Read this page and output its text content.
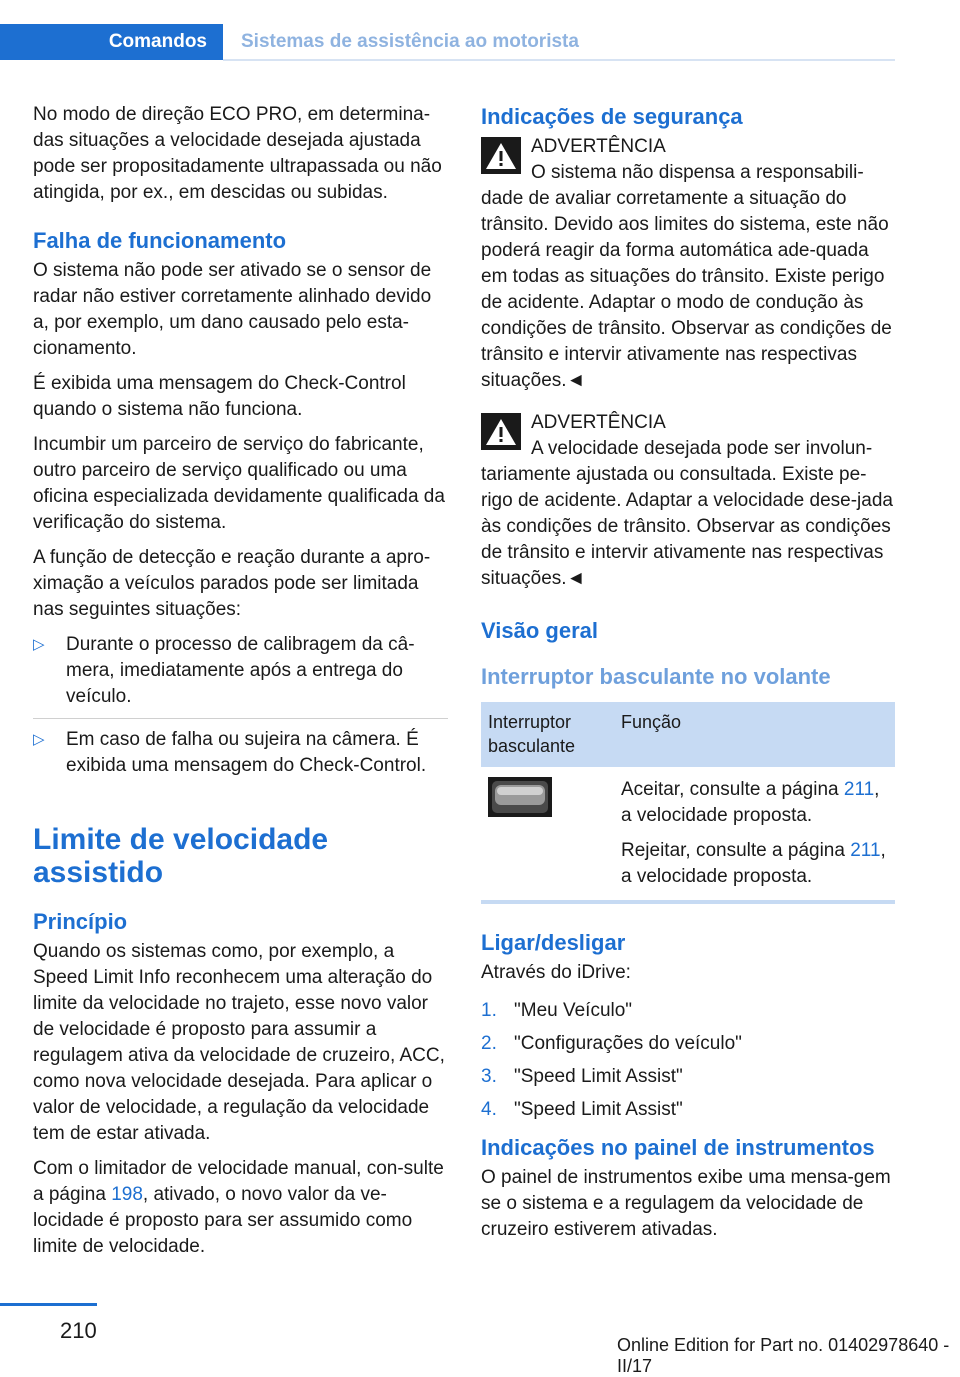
Comandos	Sistemas de assistência ao motorista

No modo de direção ECO PRO, em determina-das situações a velocidade desejada ajustada pode ser propositadamente ultrapassada ou não atingida, por ex., em descidas ou subidas.

Falha de funcionamento

O sistema não pode ser ativado se o sensor de radar não estiver corretamente alinhado devido a, por exemplo, um dano causado pelo esta-cionamento.

É exibida uma mensagem do Check-Control quando o sistema não funciona.

Incumbir um parceiro de serviço do fabricante, outro parceiro de serviço qualificado ou uma oficina especializada devidamente qualificada da verificação do sistema.

A função de detecção e reação durante a apro-ximação a veículos parados pode ser limitada nas seguintes situações:

▷ Durante o processo de calibragem da câ-mera, imediatamente após a entrega do veículo.
▷ Em caso de falha ou sujeira na câmera. É exibida uma mensagem do Check-Control.
Limite de velocidade assistido
Princípio

Quando os sistemas como, por exemplo, a Speed Limit Info reconhecem uma alteração do limite da velocidade no trajeto, esse novo valor de velocidade é proposto para assumir a regulagem ativa da velocidade de cruzeiro, ACC, como nova velocidade desejada. Para aplicar o valor de velocidade, a regulação da velocidade tem de estar ativada.

Com o limitador de velocidade manual, con-sulte a página 198, ativado, o novo valor da ve-locidade é proposto para ser assumido como limite de velocidade.

Indicações de segurança
ADVERTÊNCIA
O sistema não dispensa a responsabili-dade de avaliar corretamente a situação do trânsito. Devido aos limites do sistema, este não poderá reagir da forma automática ade-quada em todas as situações do trânsito. Existe perigo de acidente. Adaptar o modo de condução às condições de trânsito. Observar as condições de trânsito e intervir ativamente nas respectivas situações.◄
ADVERTÊNCIA
A velocidade desejada pode ser involun-tariamente ajustada ou consultada. Existe pe-rigo de acidente. Adaptar a velocidade dese-jada às condições de trânsito. Observar as condições de trânsito e intervir ativamente nas respectivas situações.◄
Visão geral
Interruptor basculante no volante
Interruptor basculante	Função

Aceitar, consulte a página 211, a velocidade proposta.

Rejeitar, consulte a página 211, a velocidade proposta.

Ligar/desligar

Através do iDrive:

1. "Meu Veículo"
2. "Configurações do veículo"
3. "Speed Limit Assist"
4. "Speed Limit Assist"
Indicações no painel de instrumentos

O painel de instrumentos exibe uma mensa-gem se o sistema e a regulagem da velocidade de cruzeiro estiverem ativadas.

210
Online Edition for Part no. 01402978640 - II/17
